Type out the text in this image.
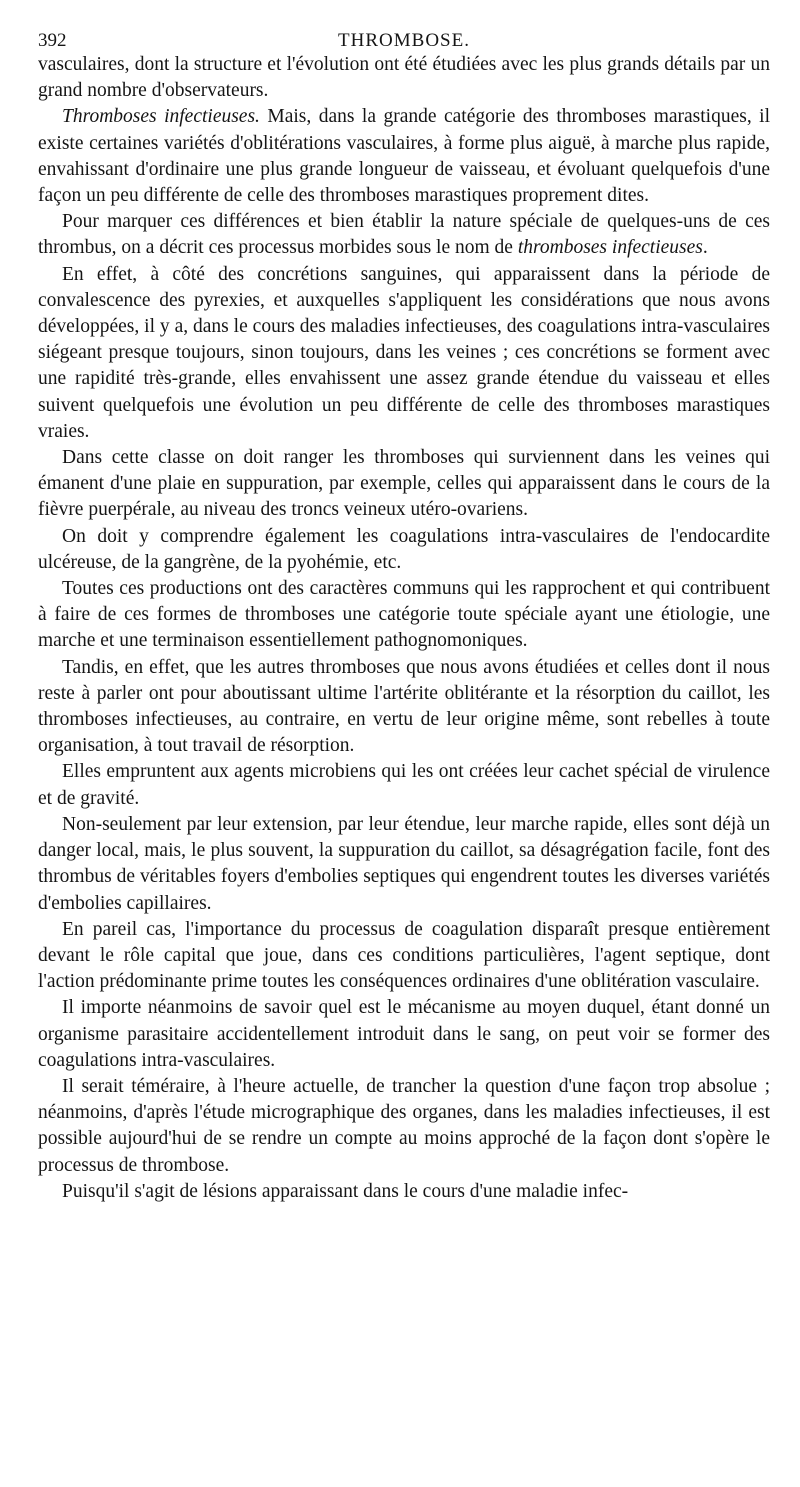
392	THROMBOSE.

vasculaires, dont la structure et l'évolution ont été étudiées avec les plus grands détails par un grand nombre d'observateurs.

Thromboses infectieuses. Mais, dans la grande catégorie des thromboses marastiques, il existe certaines variétés d'oblitérations vasculaires, à forme plus aiguë, à marche plus rapide, envahissant d'ordinaire une plus grande longueur de vaisseau, et évoluant quelquefois d'une façon un peu différente de celle des thromboses marastiques proprement dites.

Pour marquer ces différences et bien établir la nature spéciale de quelques-uns de ces thrombus, on a décrit ces processus morbides sous le nom de thromboses infectieuses.

En effet, à côté des concrétions sanguines, qui apparaissent dans la période de convalescence des pyrexies, et auxquelles s'appliquent les considérations que nous avons développées, il y a, dans le cours des maladies infectieuses, des coagulations intra-vasculaires siégeant presque toujours, sinon toujours, dans les veines ; ces concrétions se forment avec une rapidité très-grande, elles envahissent une assez grande étendue du vaisseau et elles suivent quelquefois une évolution un peu différente de celle des thromboses marastiques vraies.

Dans cette classe on doit ranger les thromboses qui surviennent dans les veines qui émanent d'une plaie en suppuration, par exemple, celles qui apparaissent dans le cours de la fièvre puerpérale, au niveau des troncs veineux utéro-ovariens.

On doit y comprendre également les coagulations intra-vasculaires de l'endocardite ulcéreuse, de la gangrène, de la pyohémie, etc.

Toutes ces productions ont des caractères communs qui les rapprochent et qui contribuent à faire de ces formes de thromboses une catégorie toute spéciale ayant une étiologie, une marche et une terminaison essentiellement pathognomoniques.

Tandis, en effet, que les autres thromboses que nous avons étudiées et celles dont il nous reste à parler ont pour aboutissant ultime l'artérite oblitérante et la résorption du caillot, les thromboses infectieuses, au contraire, en vertu de leur origine même, sont rebelles à toute organisation, à tout travail de résorption.

Elles empruntent aux agents microbiens qui les ont créées leur cachet spécial de virulence et de gravité.

Non-seulement par leur extension, par leur étendue, leur marche rapide, elles sont déjà un danger local, mais, le plus souvent, la suppuration du caillot, sa désagrégation facile, font des thrombus de véritables foyers d'embolies septiques qui engendrent toutes les diverses variétés d'embolies capillaires.

En pareil cas, l'importance du processus de coagulation disparaît presque entièrement devant le rôle capital que joue, dans ces conditions particulières, l'agent septique, dont l'action prédominante prime toutes les conséquences ordinaires d'une oblitération vasculaire.

Il importe néanmoins de savoir quel est le mécanisme au moyen duquel, étant donné un organisme parasitaire accidentellement introduit dans le sang, on peut voir se former des coagulations intra-vasculaires.

Il serait téméraire, à l'heure actuelle, de trancher la question d'une façon trop absolue ; néanmoins, d'après l'étude micrographique des organes, dans les maladies infectieuses, il est possible aujourd'hui de se rendre un compte au moins approché de la façon dont s'opère le processus de thrombose.

Puisqu'il s'agit de lésions apparaissant dans le cours d'une maladie infec-
